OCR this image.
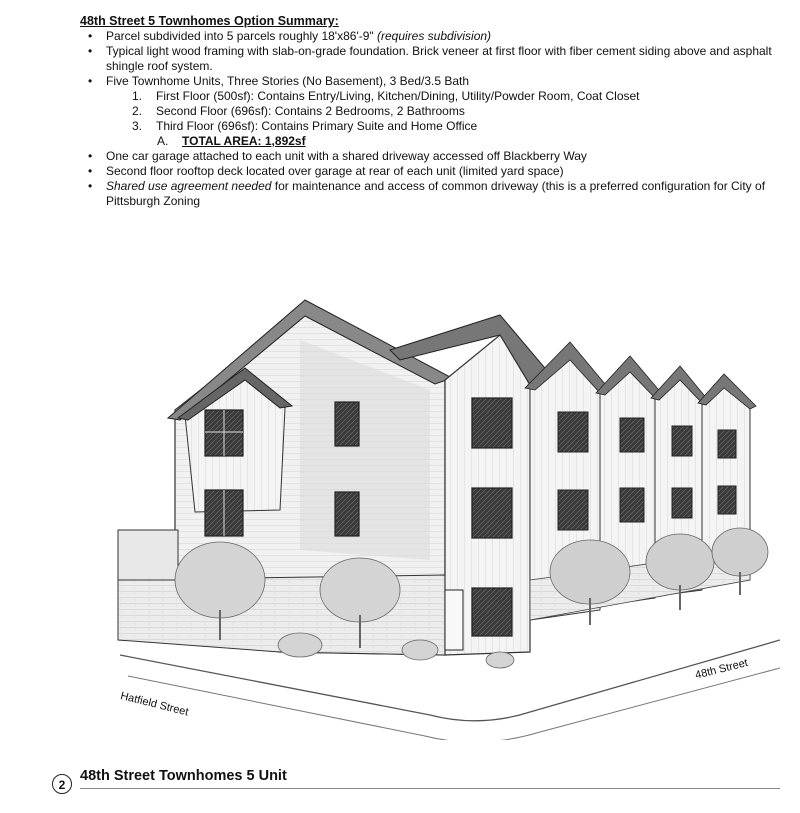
48th Street 5 Townhomes Option Summary:
• Parcel subdivided into 5 parcels roughly 18'x86'-9" (requires subdivision)
• Typical light wood framing with slab-on-grade foundation. Brick veneer at first floor with fiber cement siding above and asphalt shingle roof system.
• Five Townhome Units, Three Stories (No Basement), 3 Bed/3.5 Bath
1. First Floor (500sf): Contains Entry/Living, Kitchen/Dining, Utility/Powder Room, Coat Closet
2. Second Floor (696sf): Contains 2 Bedrooms, 2 Bathrooms
3. Third Floor (696sf): Contains Primary Suite and Home Office
A. TOTAL AREA: 1,892sf
• One car garage attached to each unit with a shared driveway accessed off Blackberry Way
• Second floor rooftop deck located over garage at rear of each unit (limited yard space)
• Shared use agreement needed for maintenance and access of common driveway (this is a preferred configuration for City of Pittsburgh Zoning
Hatfield Street
48th Street
2
48th Street Townhomes 5 Unit
